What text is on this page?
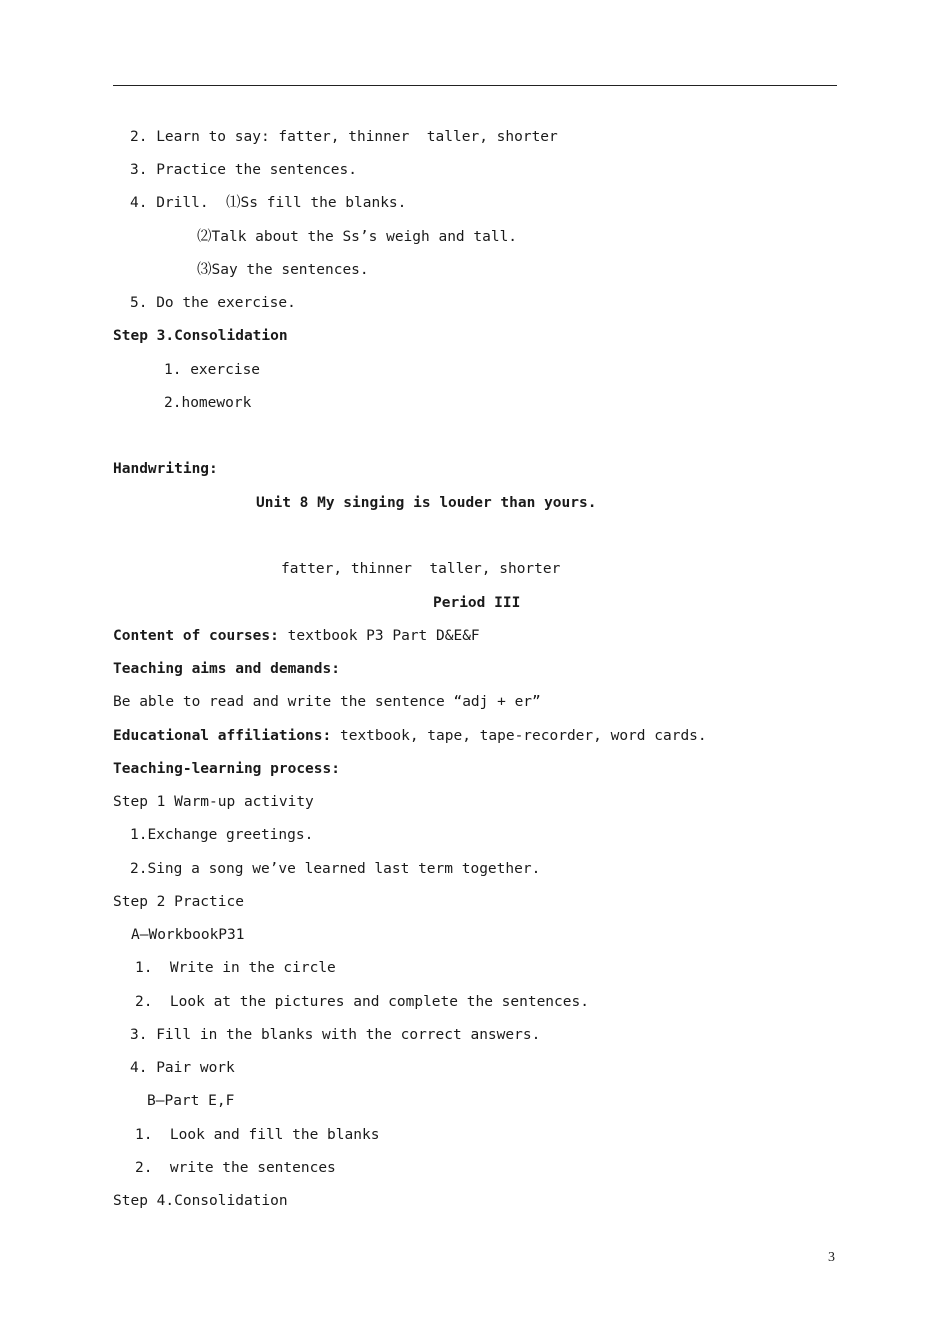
2. Learn to say: fatter, thinner  taller, shorter
3. Practice the sentences.
4. Drill.  ⑴Ss fill the blanks.
⑵Talk about the Ss’s weigh and tall.
⑶Say the sentences.
5. Do the exercise.
Step 3.Consolidation
1. exercise
2.homework
Handwriting:
Unit 8 My singing is louder than yours.
fatter, thinner  taller, shorter
Period III
Content of courses: textbook P3 Part D&E&F
Teaching aims and demands:
Be able to read and write the sentence “adj + er”
Educational affiliations: textbook, tape, tape-recorder, word cards.
Teaching-learning process:
Step 1 Warm-up activity
1.Exchange greetings.
2.Sing a song we’ve learned last term together.
Step 2 Practice
A—WorkbookP31
1.  Write in the circle
2.  Look at the pictures and complete the sentences.
3. Fill in the blanks with the correct answers.
4. Pair work
B—Part E,F
1.  Look and fill the blanks
2.  write the sentences
Step 4.Consolidation
3
